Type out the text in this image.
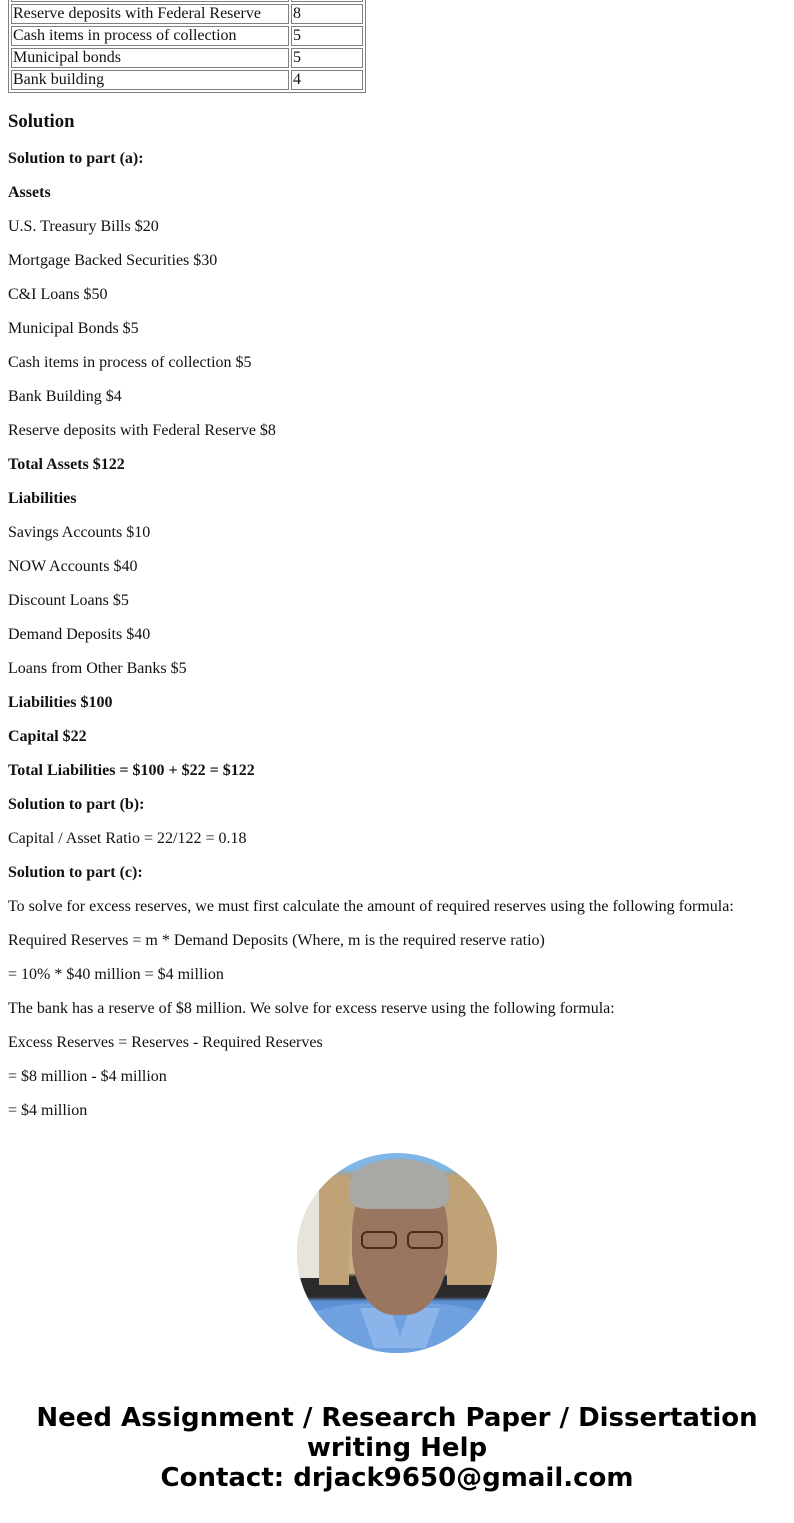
Reserve deposits with Federal Reserve	8
Cash items in process of collection	5
Municipal bonds	5
Bank building	4
Solution

Solution to part (a):

Assets

U.S. Treasury Bills $20

Mortgage Backed Securities $30

C&I Loans $50

Municipal Bonds $5

Cash items in process of collection $5

Bank Building $4

Reserve deposits with Federal Reserve $8

Total Assets $122

Liabilities

Savings Accounts $10

NOW Accounts $40

Discount Loans $5

Demand Deposits $40

Loans from Other Banks $5

Liabilities $100

Capital $22

Total Liabilities = $100 + $22 = $122

Solution to part (b):

Capital / Asset Ratio = 22/122 = 0.18

Solution to part (c):

To solve for excess reserves, we must first calculate the amount of required reserves using the following formula:

Required Reserves = m * Demand Deposits (Where, m is the required reserve ratio)

= 10% * $40 million = $4 million

The bank has a reserve of $8 million. We solve for excess reserve using the following formula:

Excess Reserves = Reserves - Required Reserves

= $8 million - $4 million

= $4 million

Need Assignment / Research Paper / Dissertation
writing Help
Contact: drjack9650@gmail.com
